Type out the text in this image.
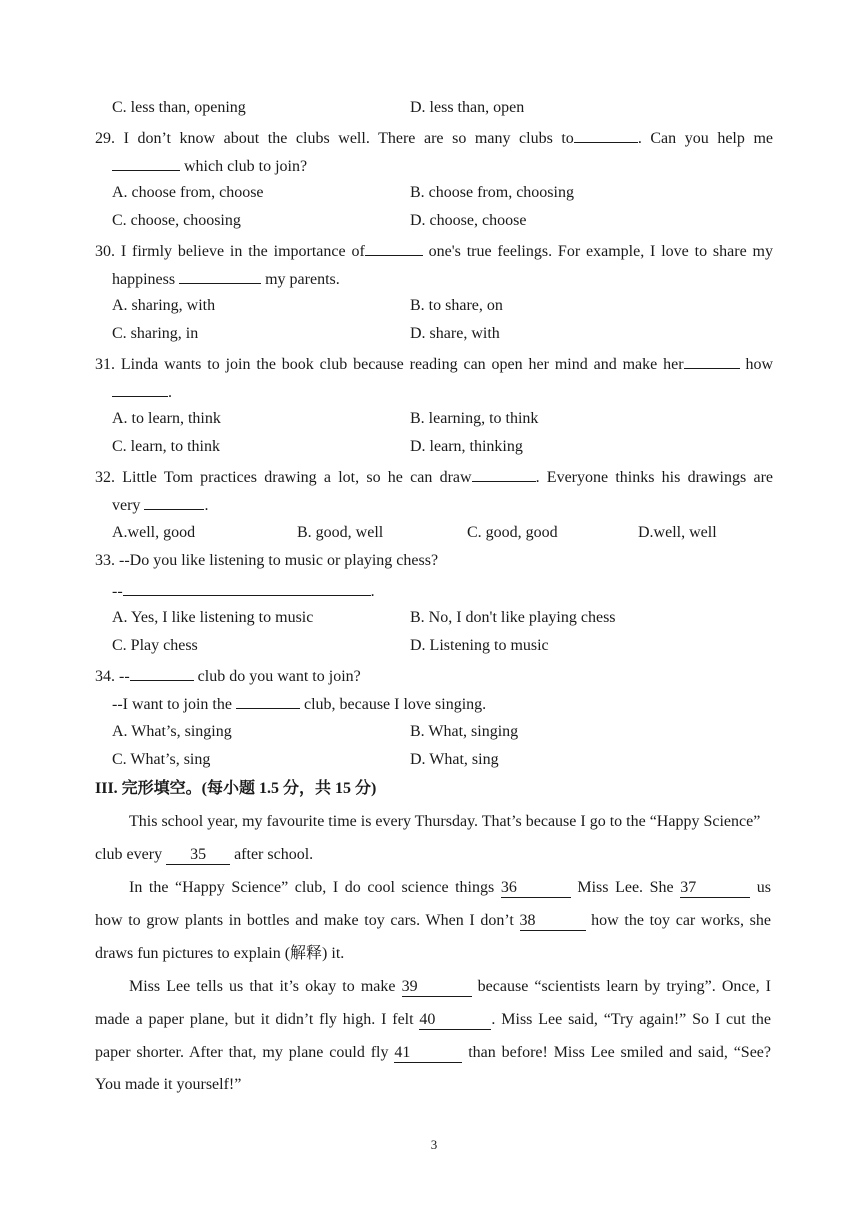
C. less than, opening	D. less than, open
29. I don’t know about the clubs well. There are so many clubs to	. Can you help me
which club to join?
A. choose from, choose	B. choose from, choosing
C. choose, choosing	D. choose, choose
30. I firmly believe in the importance of	one's true feelings. For example, I love to share my
happiness	my parents.
A. sharing, with	B. to share, on
C. sharing, in	D. share, with
31. Linda wants to join the book club because reading can open her mind and make her	how
.
A. to learn, think	B. learning, to think
C. learn, to think	D. learn, thinking
32. Little Tom practices drawing a lot, so he can draw	. Everyone thinks his drawings are
very	.
A.well, good	B. good, well	C. good, good	D.well, well
33. --Do you like listening to music or playing chess?
--	.
A. Yes, I like listening to music	B. No, I don't like playing chess
C. Play chess	D. Listening to music
34. --	club do you want to join?
--I want to join the	club, because I love singing.
A. What’s, singing	B. What, singing
C. What’s, sing	D. What, sing
III. 完形填空。(每小题 1.5 分，共 15 分)
This school year, my favourite time is every Thursday. That’s because I go to the “Happy Science”
club every 35 after school.
In the “Happy Science” club, I do cool science things 36	Miss Lee. She 37	us
how to grow plants in bottles and make toy cars. When I don’t 38	how the toy car works, she
draws fun pictures to explain (解释) it.
Miss Lee tells us that it’s okay to make 39	because “scientists learn by trying”. Once, I
made a paper plane, but it didn’t fly high. I felt 40	. Miss Lee said, “Try again!” So I cut the
paper shorter. After that, my plane could fly 41	than before! Miss Lee smiled and said, “See?
You made it yourself!”
3
